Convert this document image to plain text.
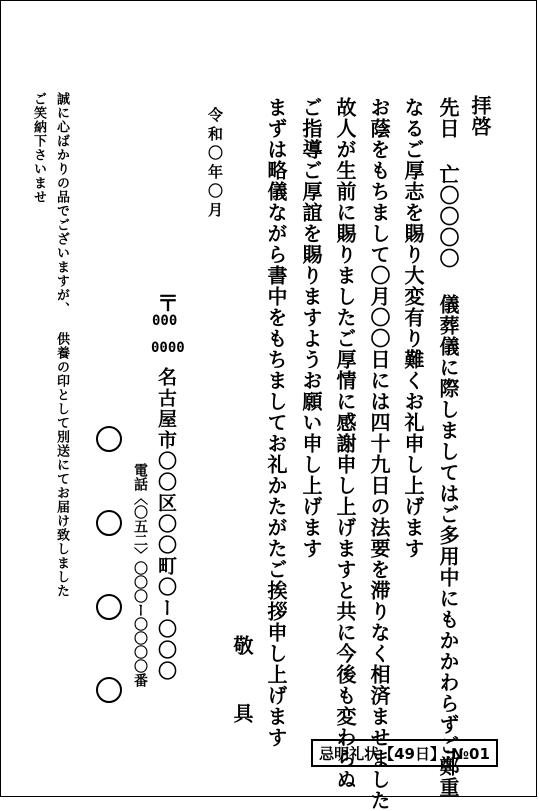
拝啓
先日 亡〇〇〇〇 儀葬儀に際しましてはご多用中にもかかわらずご鄭重
なるご厚志を賜り大変有り難くお礼申し上げます
お蔭をもちまして〇月〇〇日には四十九日の法要を滞りなく相済ませました
故人が生前に賜りましたご厚情に感謝申し上げますと共に今後も変わらぬ
ご指導ご厚誼を賜りますようお願い申し上げます
まずは略儀ながら書中をもちましてお礼かたがたご挨拶申し上げます
敬 具
令和〇年〇月
〒
000
0000
名古屋市〇〇区〇〇町〇ー〇〇〇
電話〈〇五二〉〇〇〇ー〇〇〇〇番
誠に心ばかりの品でございますが、 供養の印として別送にてお届け致しました
ご笑納下さいませ
忌明礼状【49日】:№01
